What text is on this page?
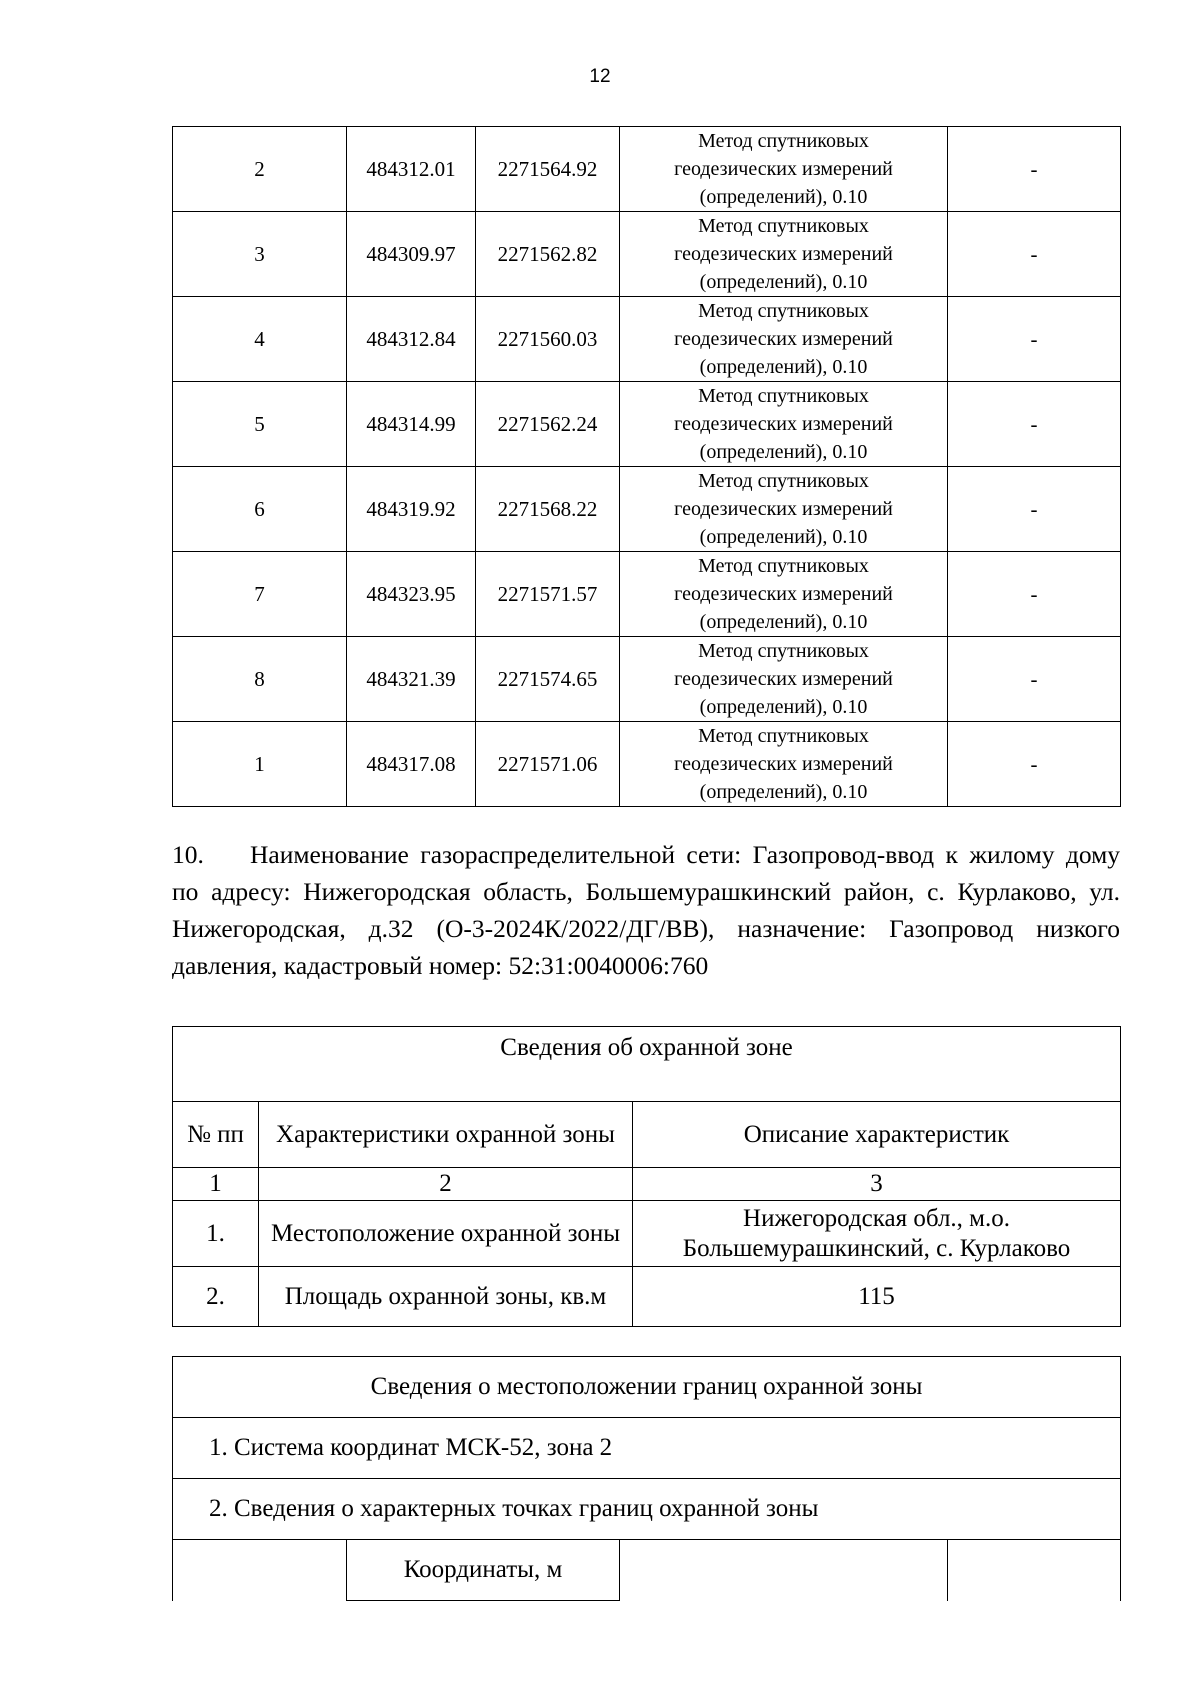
12
2	484312.01	2271564.92	Метод спутниковых
геодезических измерений
(определений), 0.10	-
3	484309.97	2271562.82	Метод спутниковых
геодезических измерений
(определений), 0.10	-
4	484312.84	2271560.03	Метод спутниковых
геодезических измерений
(определений), 0.10	-
5	484314.99	2271562.24	Метод спутниковых
геодезических измерений
(определений), 0.10	-
6	484319.92	2271568.22	Метод спутниковых
геодезических измерений
(определений), 0.10	-
7	484323.95	2271571.57	Метод спутниковых
геодезических измерений
(определений), 0.10	-
8	484321.39	2271574.65	Метод спутниковых
геодезических измерений
(определений), 0.10	-
1	484317.08	2271571.06	Метод спутниковых
геодезических измерений
(определений), 0.10	-
10. Наименование газораспределительной сети: Газопровод-ввод к жилому дому по адресу: Нижегородская область, Большемурашкинский район, с. Курлаково, ул. Нижегородская, д.32 (О-3-2024К/2022/ДГ/ВВ), назначение: Газопровод низкого давления, кадастровый номер: 52:31:0040006:760
Сведения об охранной зоне		
№ пп	Характеристики охранной зоны	Описание характеристик
1	2	3
1.	Местоположение охранной зоны	Нижегородская обл., м.о. Большемурашкинский, с. Курлаково
2.	Площадь охранной зоны, кв.м	115
Сведения о местоположении границ охранной зоны
1. Система координат МСК-52, зона 2
2. Сведения о характерных точках границ охранной зоны
	Координаты, м		
